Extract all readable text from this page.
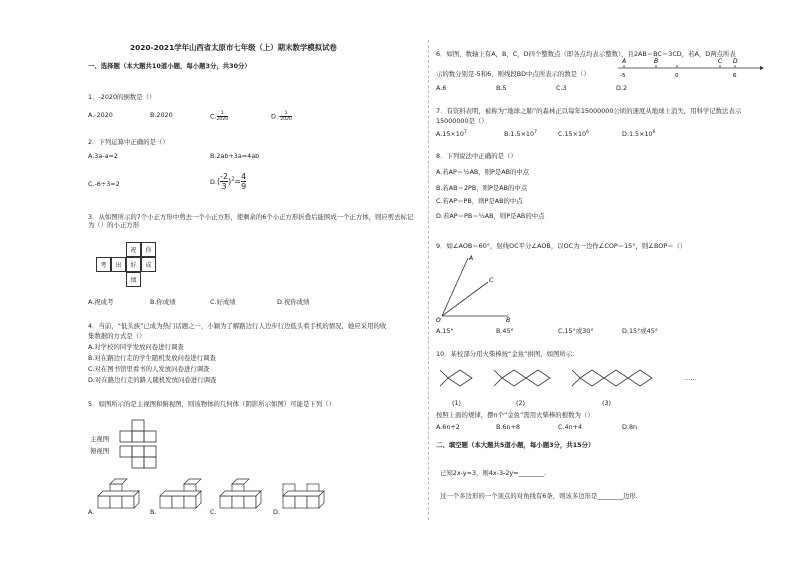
2020-2021学年山西省太原市七年级（上）期末数学模拟试卷
一、选择题（本大题共10道小题，每小题3分，共30分）
1．-2020的倒数是（）
A.-2020	B.2020	C. $\frac{1}{2020}$	$D.- \frac{1}{2020}$
2．下列运算中正确的是（）
A.3a-a=2	B.2ab+3a=4ab
C.-6÷3=2	$D.( \frac{-2}{3} )^2= \frac{4}{9}$
3．从如图所示的7个小正方形中剪去一个小正方形，使剩余的6个小正方形折叠后能围成一个正方体，则应剪去标记为（）的小正方形
祝	你
考	出	好	成
绩
A.祝成考	B.你成绩	C.好成绩	D.祝你成绩
4．当前，“低头族”已成为热门话题之一，小颖为了解路边行人边步行边低头看手机的情况，她应采用的收
集数据的方式是（）
A.对学校的同学发放问卷进行调查
B.对在路边行走的学生随机发放问卷进行调查
C.对在图书馆里看书的人发放问卷进行调查
D.对在路边行走的路人随机发放问卷进行调查
5．如图所示的是主视图和俯视图，则该物体的几何体（阴影所示如图）可能是下列（）
主视图
俯视图
A.	B.	C.	D.
6．如图，数轴上有A，B，C，D四个整数点（即各点均表示整数），且2AB＝BC＝3CD，若A，D两点所表
示的数分别是-5和6，则线段BD中点所表示的数是（）
A	B	C D
-5	0	6
A.6	B.5	C.3	D.2
7．有资料表明，被称为“地球之肺”的森林正以每年15000000公顷的速度从地球上消失，用科学记数法表示
15000000是（）
$A.15\times 10^7$	$B.1.5\times 10^7$	$C.15\times 10^6$	$D.1.5\times 10^6$
8．下列说法中正确的是（）
A.若AP＝½AB，则P是AB的中点
B.若AB＝2PB，则P是AB的中点
C.若AP＝PB，则P是AB的中点
D.若AP＝PB＝½AB，则P是AB的中点
9．如∠AOB＝60°，射线OC平分∠AOB，以OC为一边作∠COP＝15°，则∠BOP＝（）
A
C
O	B
A.15°	B.45°	C.15°或30°	D.15°或45°
10．某校部分用火柴棒按“金鱼”拼图，如图所示：
(1)	(2)	(3)
……
按照上面的规律，摆n个“金鱼”需用火柴棒的根数为（）
A.6n+2	B.6n+8	C.4n+4	D.8n
二、填空题（本大题共5道小题，每小题3分，共15分）
已知2x-y=3，则4x-3-2y=________.
过一个多边形的一个顶点的对角线有6条，则该多边形是________边形.
